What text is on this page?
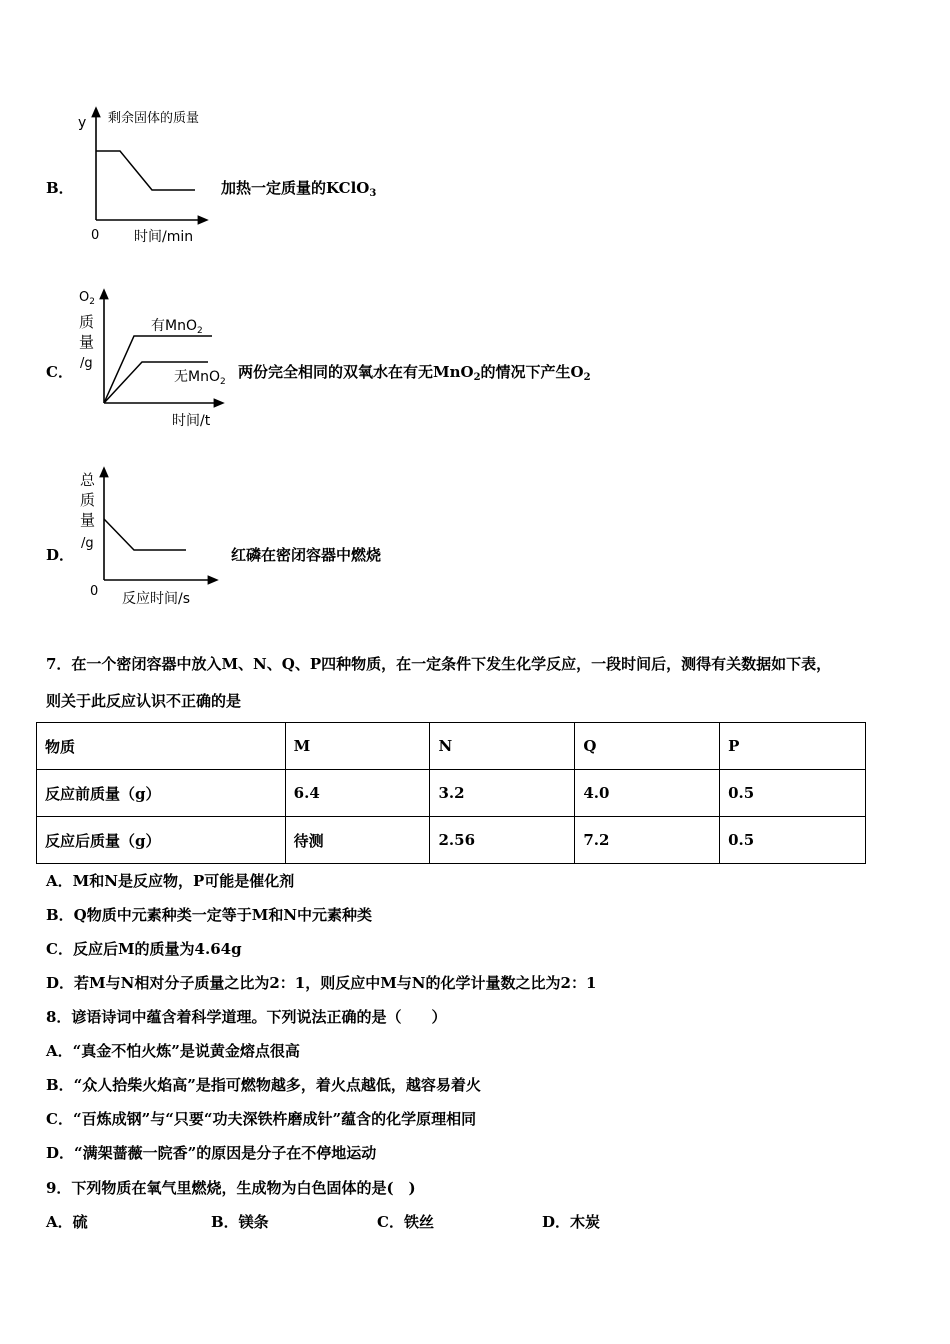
B．
y 剩余固体的质量
0 时间/min
加热一定质量的KClO$_3$
C．
$O_2$
质
量
/g
有MnO$_2$
无MnO$_2$
时间/t
两份完全相同的双氧水在有无MnO$_2$的情况下产生$O_2$
D．
总
质
量
/g
0 反应时间/s
红磷在密闭容器中燃烧
7．在一个密闭容器中放入M、N、Q、P四种物质，在一定条件下发生化学反应，一段时间后，测得有关数据如下表，
则关于此反应认识不正确的是
物质	M	N	Q	P
反应前质量（g）	6.4	3.2	4.0	0.5
反应后质量（g）	待测	2.56	7.2	0.5
A．M和N是反应物，P可能是催化剂
B．Q物质中元素种类一定等于M和N中元素种类
C．反应后M的质量为4.64g
D．若M与N相对分子质量之比为2：1，则反应中M与N的化学计量数之比为2：1
8．谚语诗词中蕴含着科学道理。下列说法正确的是（　　）
A．“真金不怕火炼”是说黄金熔点很高
B．“众人拾柴火焰高”是指可燃物越多，着火点越低，越容易着火
C．“百炼成钢”与“只要“功夫深铁杵磨成针”蕴含的化学原理相同
D．“满架蔷薇一院香”的原因是分子在不停地运动
9．下列物质在氧气里燃烧，生成物为白色固体的是(　)
A．硫	B．镁条	C．铁丝	D．木炭
